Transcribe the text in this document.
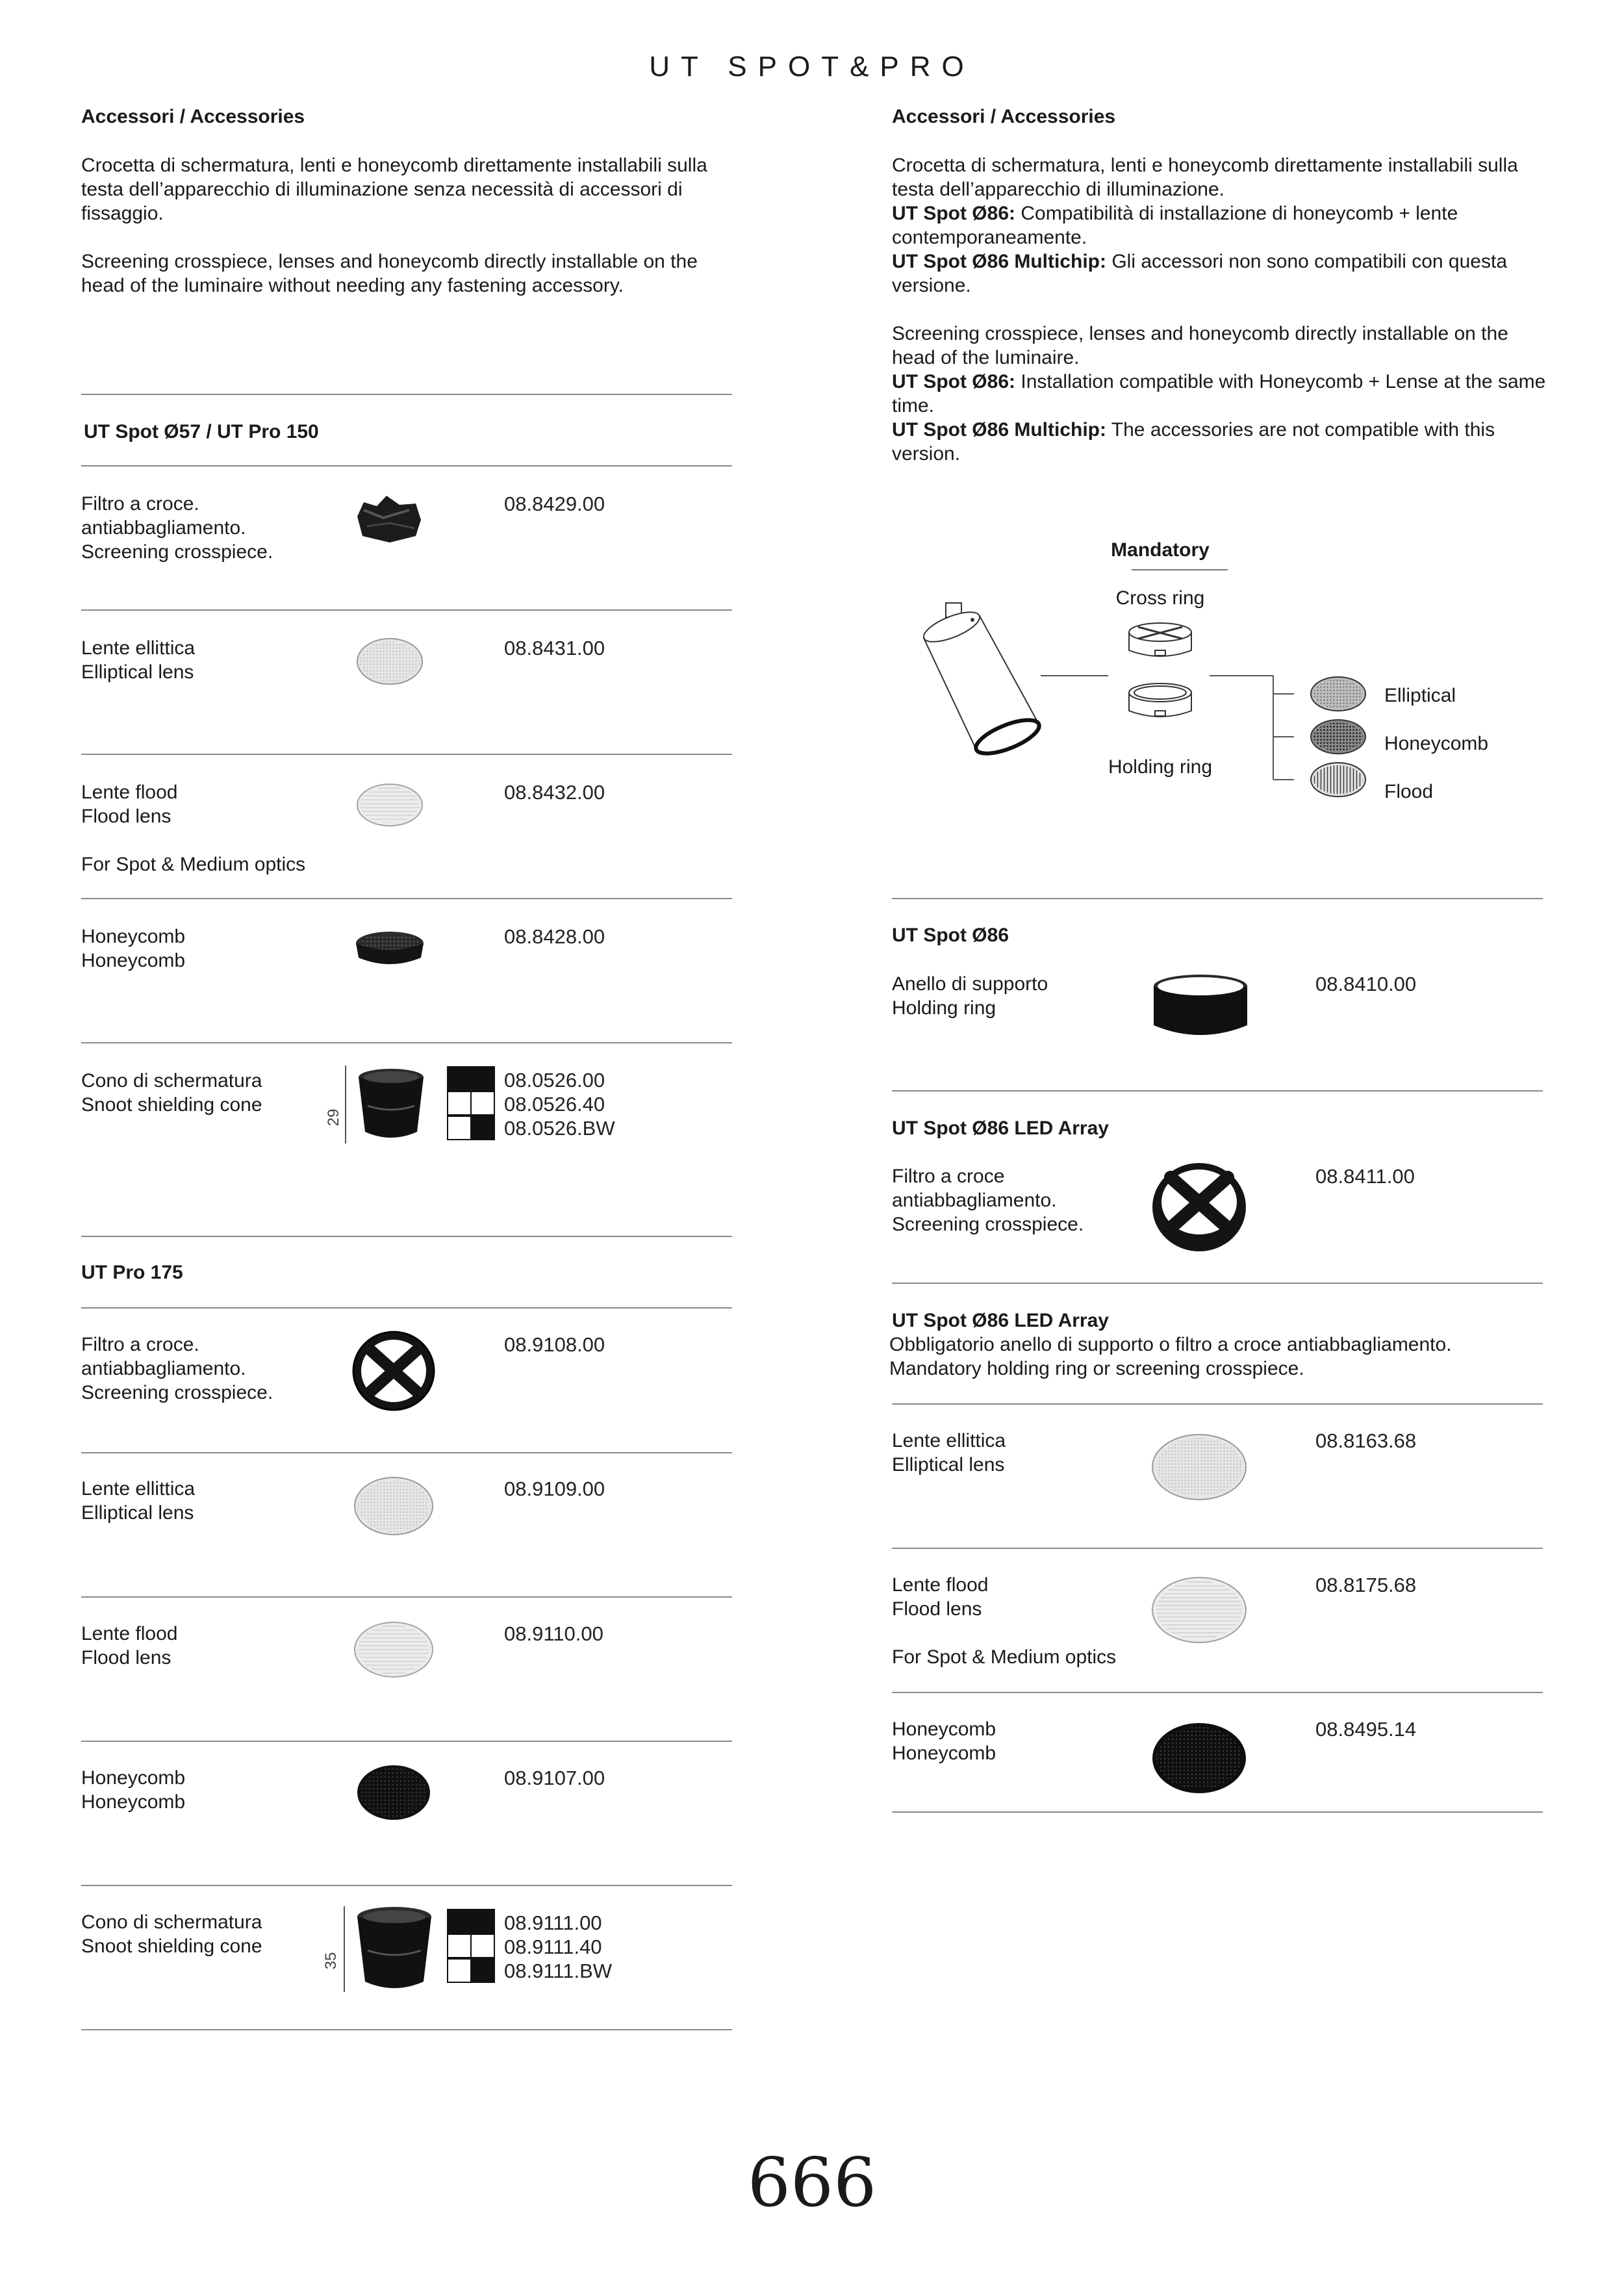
UT SPOT&PRO
Accessori / Accessories
Crocetta di schermatura, lenti e honeycomb direttamente installabili sulla testa dell’apparecchio di illuminazione senza necessità di accessori di fissaggio.
Screening crosspiece, lenses and honeycomb directly installable on the head of the luminaire without needing any fastening accessory.
UT Spot Ø57 / UT Pro 150
Filtro a croce.
antiabbagliamento.
Screening crosspiece.
08.8429.00
Lente ellittica
Elliptical lens
08.8431.00
Lente flood
Flood lens
For Spot & Medium optics
08.8432.00
Honeycomb
Honeycomb
08.8428.00
Cono di schermatura
Snoot shielding cone
29
08.0526.00
08.0526.40
08.0526.BW
UT Pro 175
Filtro a croce.
antiabbagliamento.
Screening crosspiece.
08.9108.00
Lente ellittica
Elliptical lens
08.9109.00
Lente flood
Flood lens
08.9110.00
Honeycomb
Honeycomb
08.9107.00
Cono di schermatura
Snoot shielding cone
35
08.9111.00
08.9111.40
08.9111.BW
Accessori / Accessories
Crocetta di schermatura, lenti e honeycomb direttamente installabili sulla testa dell’apparecchio di illuminazione.
UT Spot Ø86: Compatibilità di installazione di honeycomb + lente contemporaneamente.
UT Spot Ø86 Multichip: Gli accessori non sono compatibili con questa versione.
Screening crosspiece, lenses and honeycomb directly installable on the head of the luminaire.
UT Spot Ø86: Installation compatible with Honeycomb + Lense at the same time.
UT Spot Ø86 Multichip: The accessories are not compatible with this version.
Mandatory
Cross ring
Holding ring
Elliptical
Honeycomb
Flood
UT Spot Ø86
Anello di supporto
Holding ring
08.8410.00
UT Spot Ø86 LED Array
Filtro a croce
antiabbagliamento.
Screening crosspiece.
08.8411.00
UT Spot Ø86 LED Array
Obbligatorio anello di supporto o filtro a croce antiabbagliamento.
Mandatory holding ring or screening crosspiece.
Lente ellittica
Elliptical lens
08.8163.68
Lente flood
Flood lens
For Spot & Medium optics
08.8175.68
Honeycomb
Honeycomb
08.8495.14
666
